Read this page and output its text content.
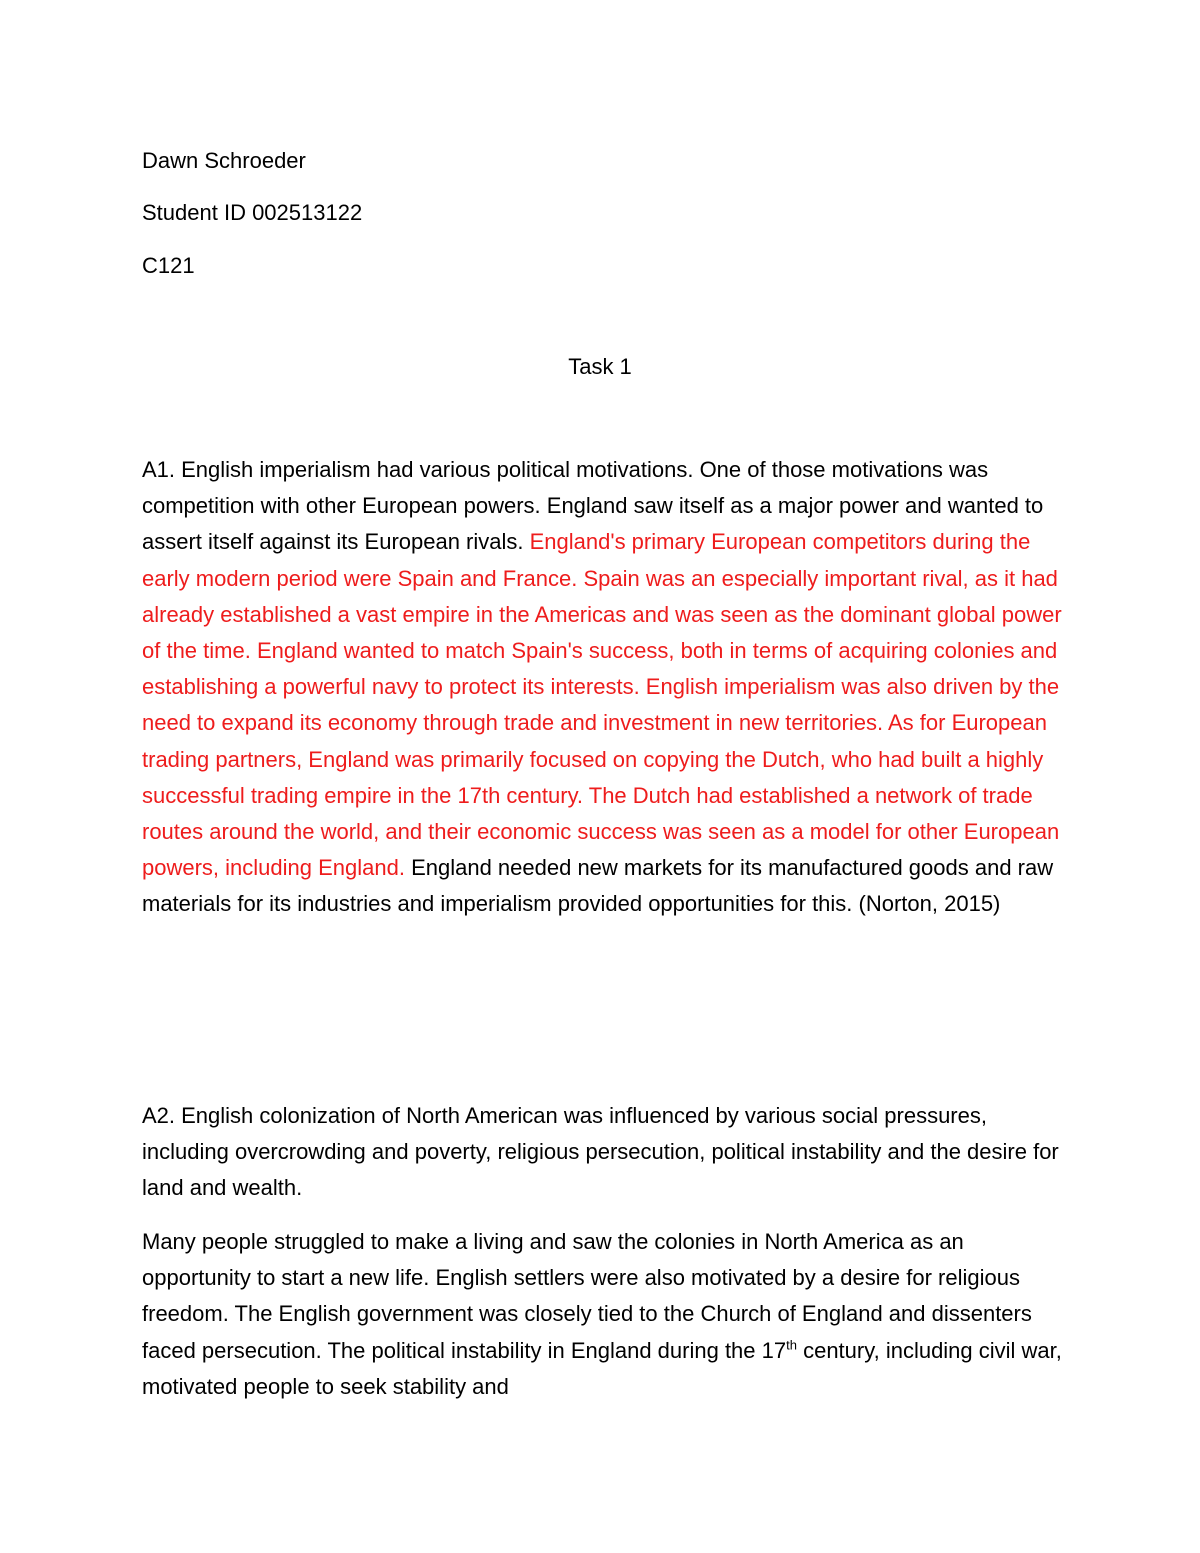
Dawn Schroeder
Student ID 002513122
C121
Task 1

A1. English imperialism had various political motivations. One of those motivations was competition with other European powers. England saw itself as a major power and wanted to assert itself against its European rivals. England's primary European competitors during the early modern period were Spain and France. Spain was an especially important rival, as it had already established a vast empire in the Americas and was seen as the dominant global power of the time. England wanted to match Spain's success, both in terms of acquiring colonies and establishing a powerful navy to protect its interests. English imperialism was also driven by the need to expand its economy through trade and investment in new territories. As for European trading partners, England was primarily focused on copying the Dutch, who had built a highly successful trading empire in the 17th century. The Dutch had established a network of trade routes around the world, and their economic success was seen as a model for other European powers, including England. England needed new markets for its manufactured goods and raw materials for its industries and imperialism provided opportunities for this. (Norton, 2015)

A2. English colonization of North American was influenced by various social pressures, including overcrowding and poverty, religious persecution, political instability and the desire for land and wealth.

Many people struggled to make a living and saw the colonies in North America as an opportunity to start a new life. English settlers were also motivated by a desire for religious freedom. The English government was closely tied to the Church of England and dissenters faced persecution. The political instability in England during the 17th century, including civil war, motivated people to seek stability and
